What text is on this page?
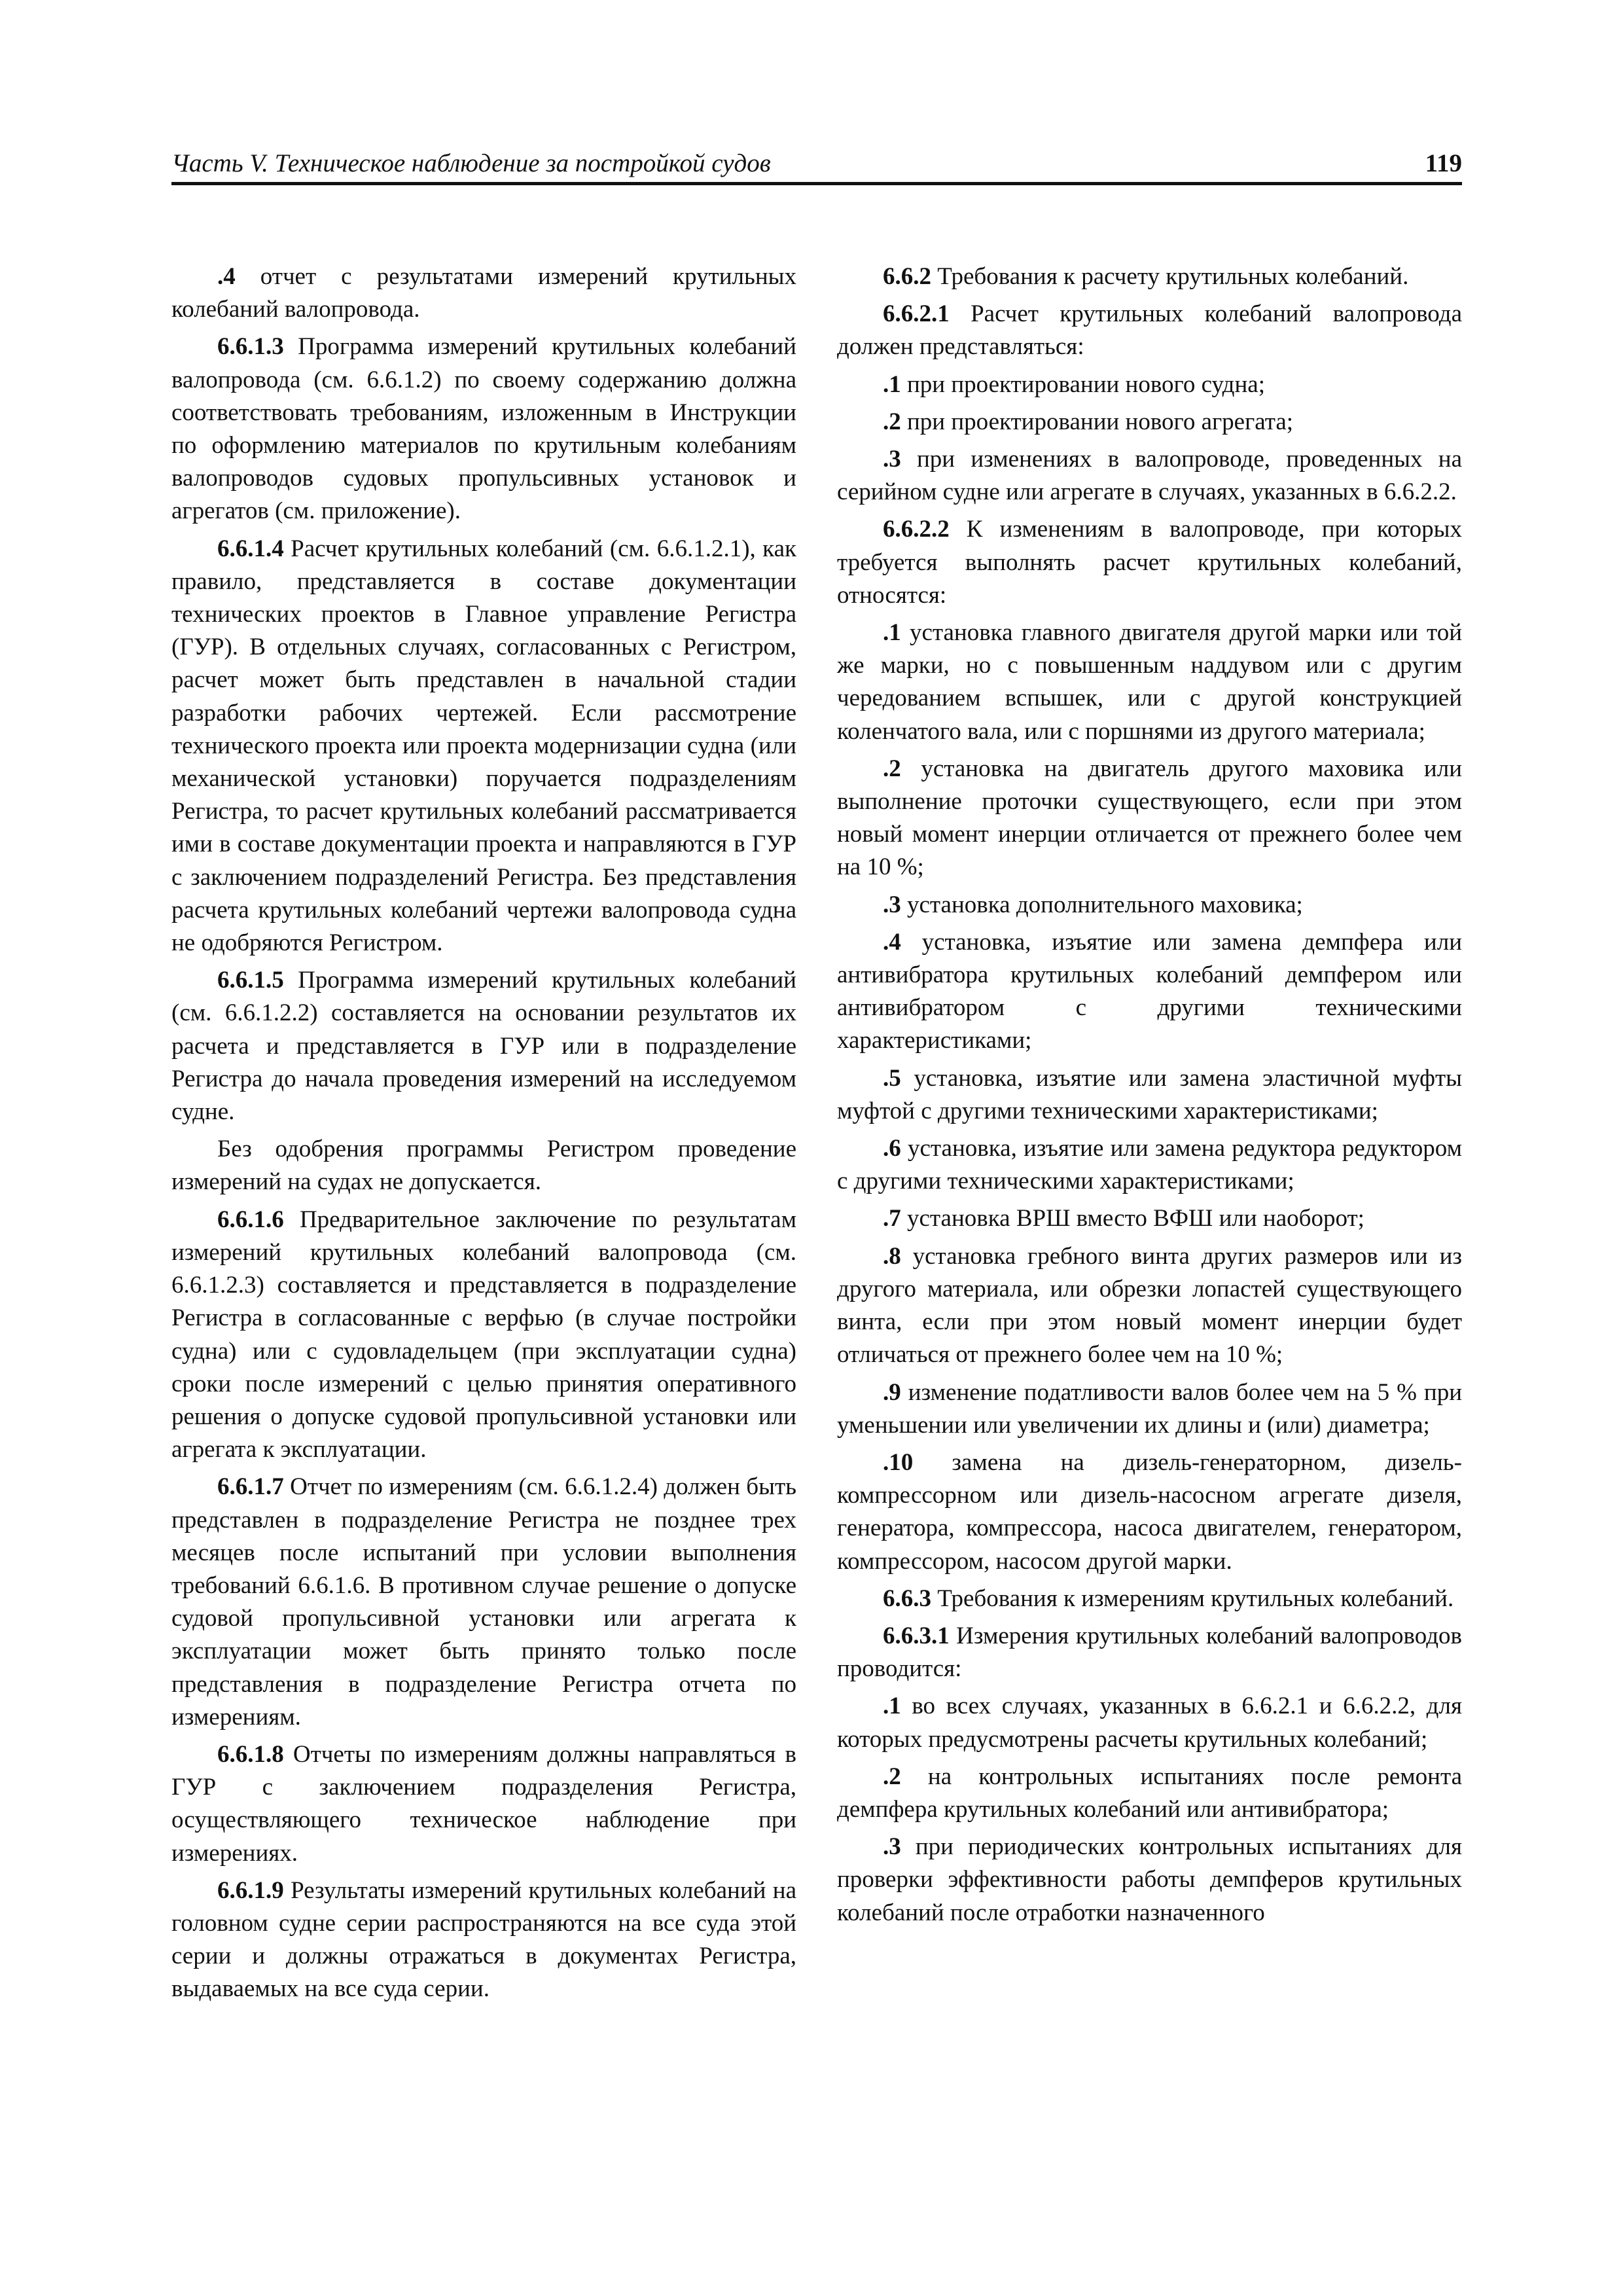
Часть V. Техническое наблюдение за постройкой судов	119

.4 отчет с результатами измерений крутильных колебаний валопровода.

6.6.1.3 Программа измерений крутильных колебаний валопровода (см. 6.6.1.2) по своему содержанию должна соответствовать требованиям, изложенным в Инструкции по оформлению материалов по крутильным колебаниям валопроводов судовых пропульсивных установок и агрегатов (см. приложение).

6.6.1.4 Расчет крутильных колебаний (см. 6.6.1.2.1), как правило, представляется в составе документации технических проектов в Главное управление Регистра (ГУР). В отдельных случаях, согласованных с Регистром, расчет может быть представлен в начальной стадии разработки рабочих чертежей. Если рассмотрение технического проекта или проекта модернизации судна (или механической установки) поручается подразделениям Регистра, то расчет крутильных колебаний рассматривается ими в составе документации проекта и направляются в ГУР с заключением подразделений Регистра. Без представления расчета крутильных колебаний чертежи валопровода судна не одобряются Регистром.

6.6.1.5 Программа измерений крутильных колебаний (см. 6.6.1.2.2) составляется на основании результатов их расчета и представляется в ГУР или в подразделение Регистра до начала проведения измерений на исследуемом судне.

Без одобрения программы Регистром проведение измерений на судах не допускается.

6.6.1.6 Предварительное заключение по результатам измерений крутильных колебаний валопровода (см. 6.6.1.2.3) составляется и представляется в подразделение Регистра в согласованные с верфью (в случае постройки судна) или с судовладельцем (при эксплуатации судна) сроки после измерений с целью принятия оперативного решения о допуске судовой пропульсивной установки или агрегата к эксплуатации.

6.6.1.7 Отчет по измерениям (см. 6.6.1.2.4) должен быть представлен в подразделение Регистра не позднее трех месяцев после испытаний при условии выполнения требований 6.6.1.6. В противном случае решение о допуске судовой пропульсивной установки или агрегата к эксплуатации может быть принято только после представления в подразделение Регистра отчета по измерениям.

6.6.1.8 Отчеты по измерениям должны направляться в ГУР с заключением подразделения Регистра, осуществляющего техническое наблюдение при измерениях.

6.6.1.9 Результаты измерений крутильных колебаний на головном судне серии распространяются на все суда этой серии и должны отражаться в документах Регистра, выдаваемых на все суда серии.

6.6.2 Требования к расчету крутильных колебаний.

6.6.2.1 Расчет крутильных колебаний валопровода должен представляться:

.1 при проектировании нового судна;

.2 при проектировании нового агрегата;

.3 при изменениях в валопроводе, проведенных на серийном судне или агрегате в случаях, указанных в 6.6.2.2.

6.6.2.2 К изменениям в валопроводе, при которых требуется выполнять расчет крутильных колебаний, относятся:

.1 установка главного двигателя другой марки или той же марки, но с повышенным наддувом или с другим чередованием вспышек, или с другой конструкцией коленчатого вала, или с поршнями из другого материала;

.2 установка на двигатель другого маховика или выполнение проточки существующего, если при этом новый момент инерции отличается от прежнего более чем на 10 %;

.3 установка дополнительного маховика;

.4 установка, изъятие или замена демпфера или антивибратора крутильных колебаний демпфером или антивибратором с другими техническими характеристиками;

.5 установка, изъятие или замена эластичной муфты муфтой с другими техническими характеристиками;

.6 установка, изъятие или замена редуктора редуктором с другими техническими характеристиками;

.7 установка ВРШ вместо ВФШ или наоборот;

.8 установка гребного винта других размеров или из другого материала, или обрезки лопастей существующего винта, если при этом новый момент инерции будет отличаться от прежнего более чем на 10 %;

.9 изменение податливости валов более чем на 5 % при уменьшении или увеличении их длины и (или) диаметра;

.10 замена на дизель-генераторном, дизель-компрессорном или дизель-насосном агрегате дизеля, генератора, компрессора, насоса двигателем, генератором, компрессором, насосом другой марки.

6.6.3 Требования к измерениям крутильных колебаний.

6.6.3.1 Измерения крутильных колебаний валопроводов проводится:

.1 во всех случаях, указанных в 6.6.2.1 и 6.6.2.2, для которых предусмотрены расчеты крутильных колебаний;

.2 на контрольных испытаниях после ремонта демпфера крутильных колебаний или антивибратора;

.3 при периодических контрольных испытаниях для проверки эффективности работы демпферов крутильных колебаний после отработки назначенного
